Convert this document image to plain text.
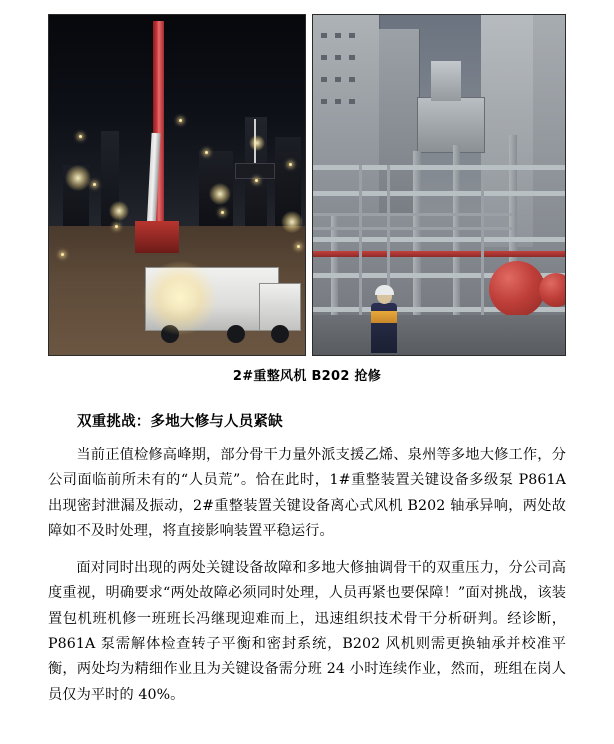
2#重整风机 B202 抢修
双重挑战：多地大修与人员紧缺

当前正值检修高峰期，部分骨干力量外派支援乙烯、泉州等多地大修工作，分公司面临前所未有的“人员荒”。恰在此时，1#重整装置关键设备多级泵 P861A 出现密封泄漏及振动，2#重整装置关键设备离心式风机 B202 轴承异响，两处故障如不及时处理，将直接影响装置平稳运行。

面对同时出现的两处关键设备故障和多地大修抽调骨干的双重压力，分公司高度重视，明确要求“两处故障必须同时处理，人员再紧也要保障！”面对挑战，该装置包机班机修一班班长冯继现迎难而上，迅速组织技术骨干分析研判。经诊断，P861A 泵需解体检查转子平衡和密封系统，B202 风机则需更换轴承并校准平衡，两处均为精细作业且为关键设备需分班 24 小时连续作业，然而，班组在岗人员仅为平时的 40%。
